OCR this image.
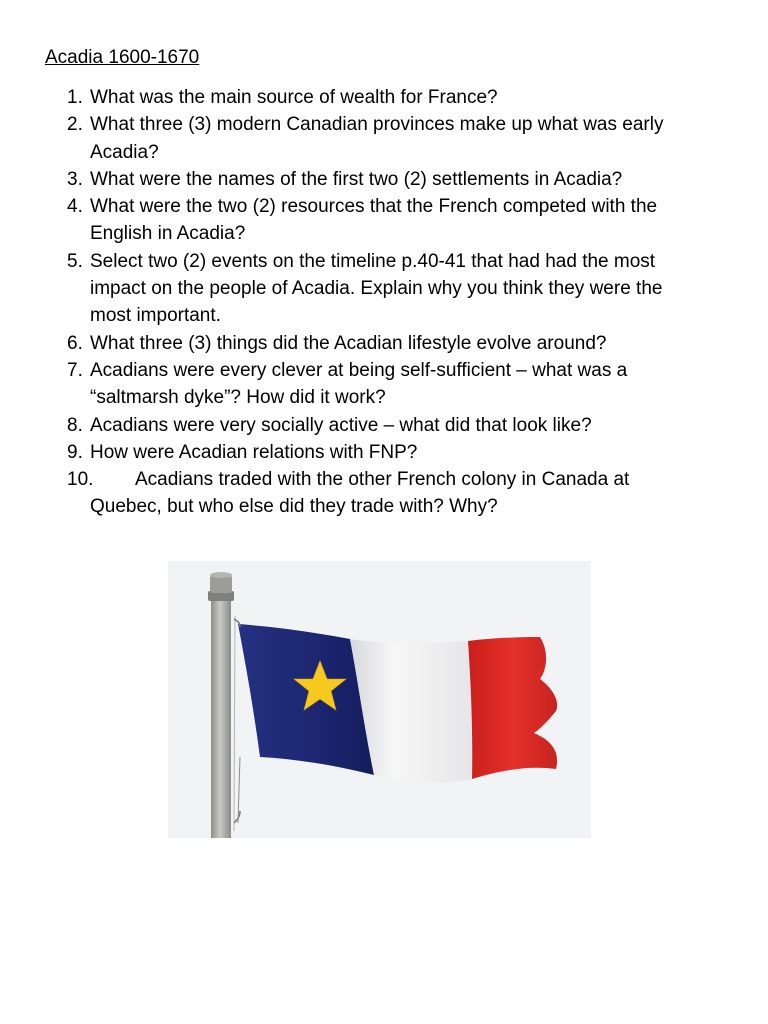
Acadia 1600-1670
1. What was the main source of wealth for France?
2. What three (3) modern Canadian provinces make up what was early
Acadia?
3. What were the names of the first two (2) settlements in Acadia?
4. What were the two (2) resources that the French competed with the
English in Acadia?
5. Select two (2) events on the timeline p.40-41 that had had the most
impact on the people of Acadia. Explain why you think they were the
most important.
6. What three (3) things did the Acadian lifestyle evolve around?
7. Acadians were every clever at being self-sufficient – what was a
“saltmarsh dyke”? How did it work?
8. Acadians were very socially active – what did that look like?
9. How were Acadian relations with FNP?
10.	Acadians traded with the other French colony in Canada at
Quebec, but who else did they trade with? Why?
